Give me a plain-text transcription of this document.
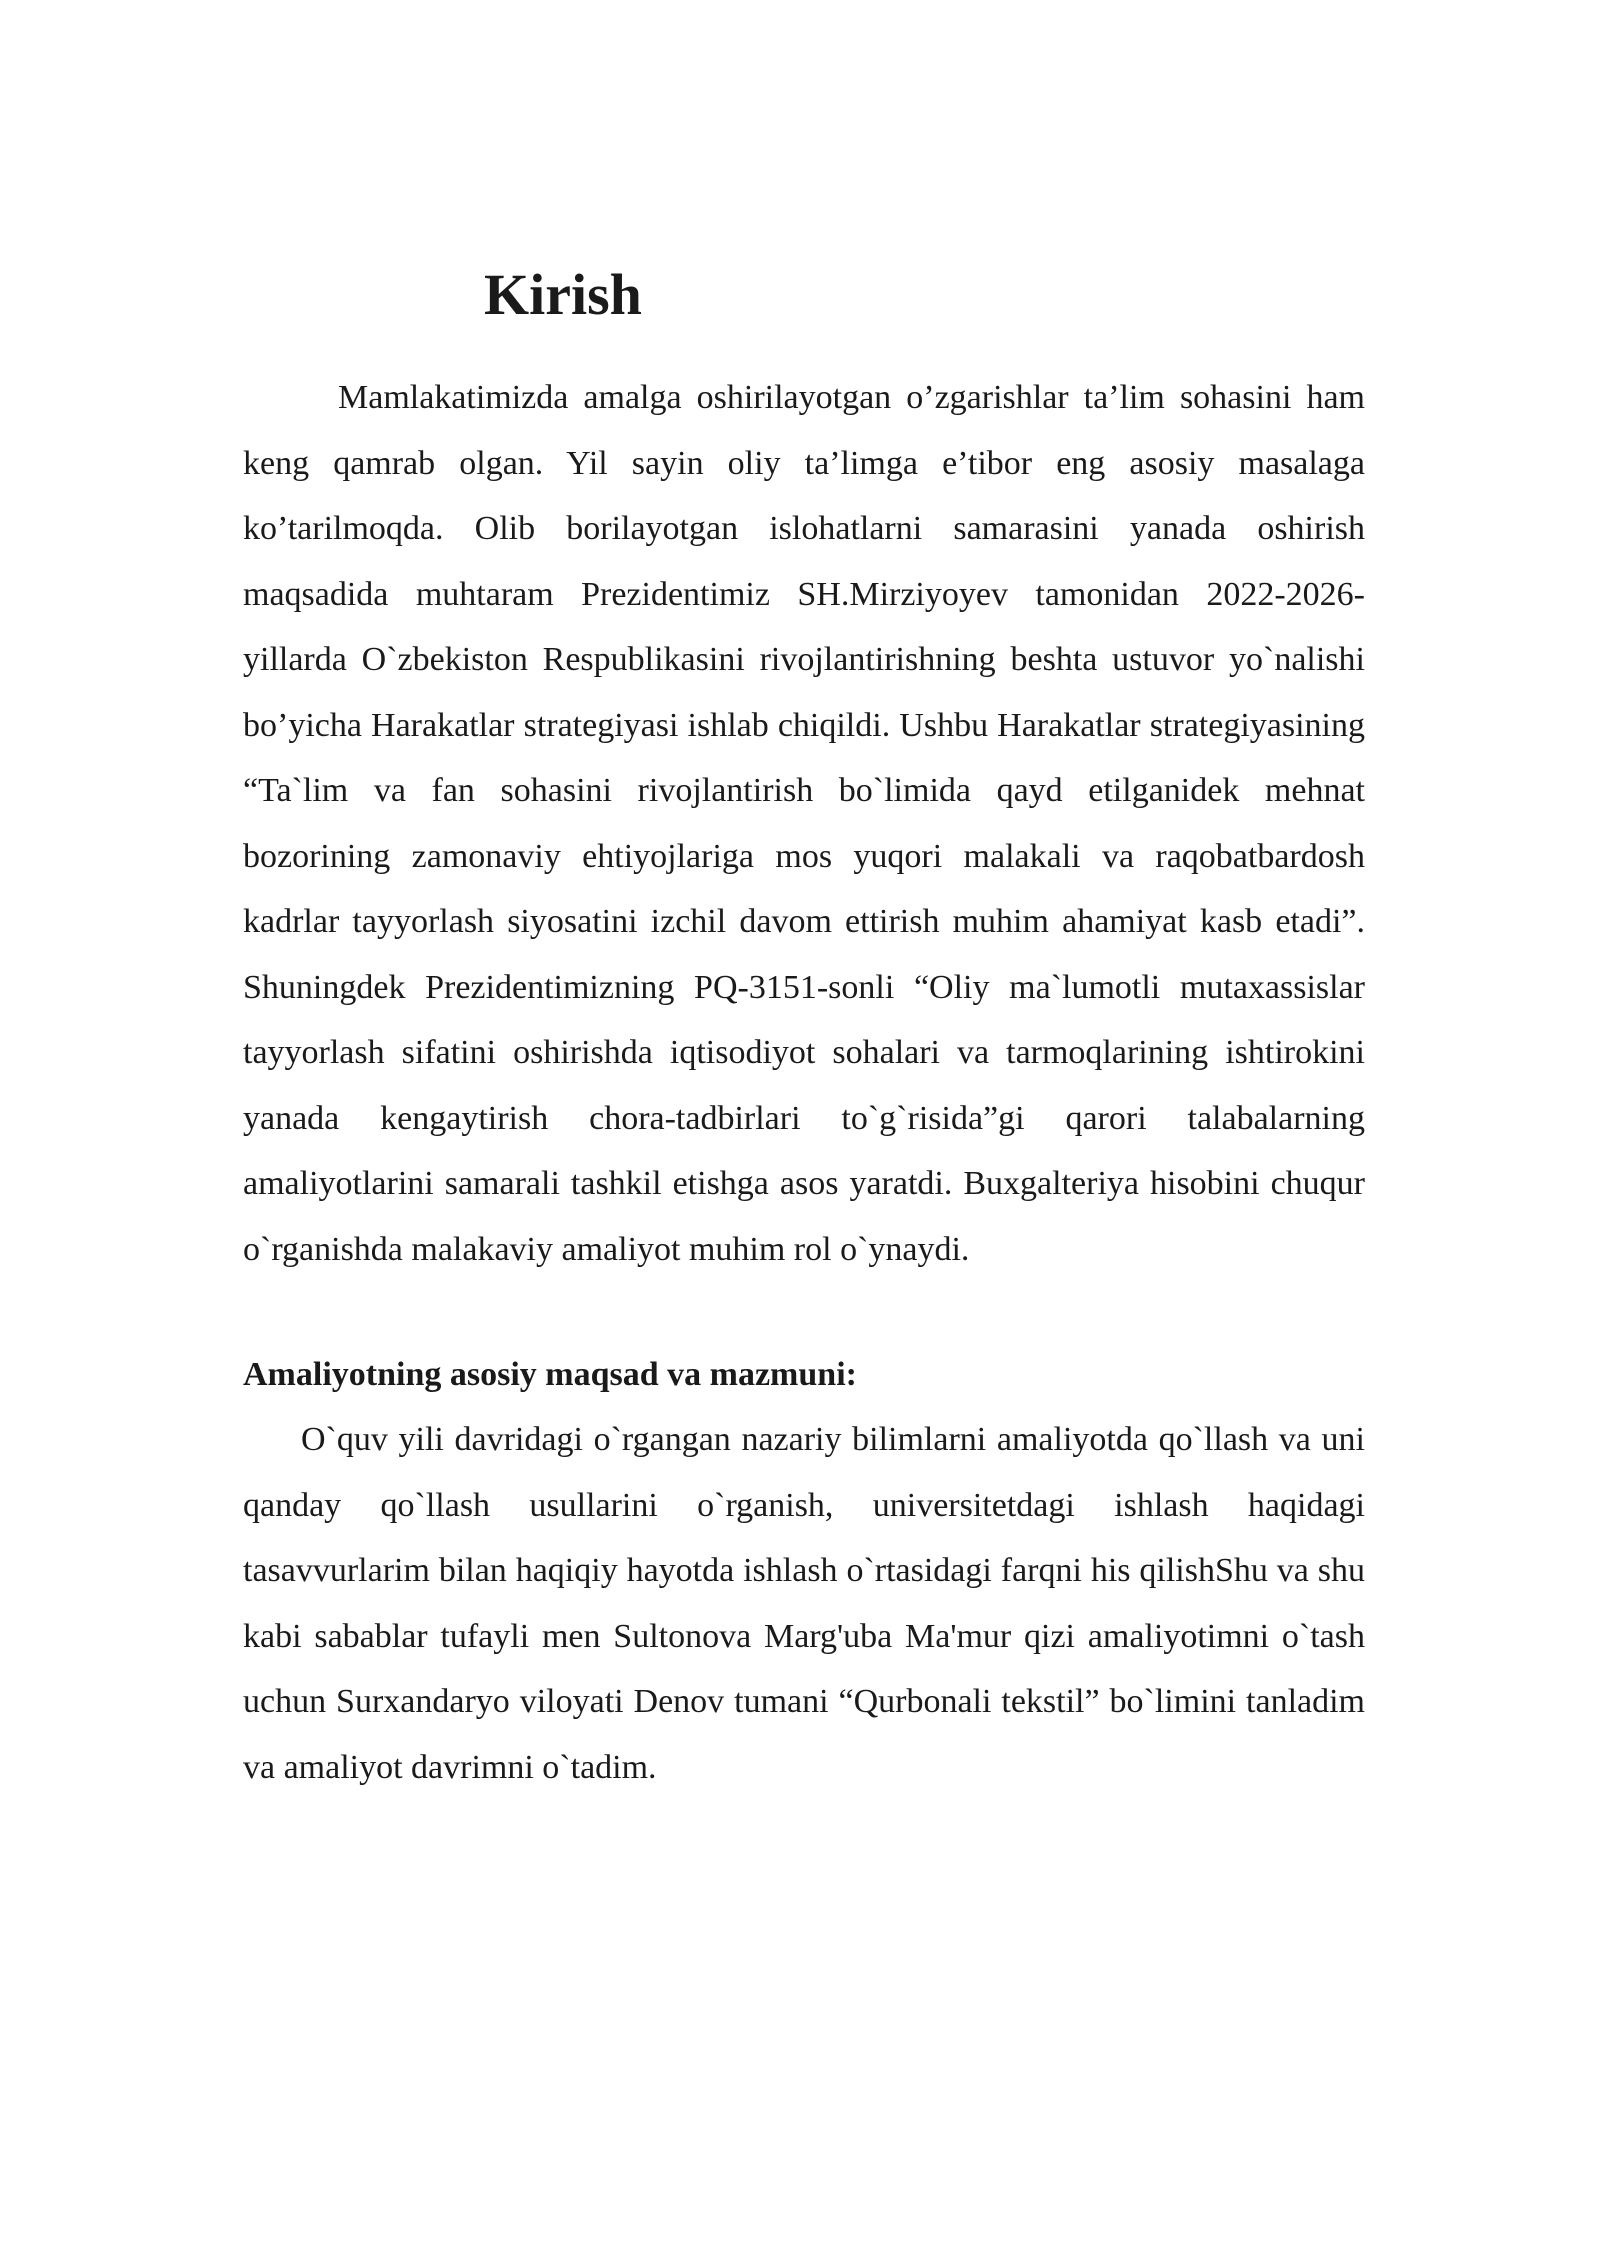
Kirish

Mamlakatimizda amalga oshirilayotgan o’zgarishlar ta’lim sohasini ham keng qamrab olgan. Yil sayin oliy ta’limga e’tibor eng asosiy masalaga ko’tarilmoqda. Olib borilayotgan islohatlarni samarasini yanada oshirish maqsadida muhtaram Prezidentimiz SH.Mirziyoyev tamonidan 2022-2026-yillarda O`zbekiston Respublikasini rivojlantirishning beshta ustuvor yo`nalishi bo’yicha Harakatlar strategiyasi ishlab chiqildi. Ushbu Harakatlar strategiyasining “Ta`lim va fan sohasini rivojlantirish bo`limida qayd etilganidek mehnat bozorining zamonaviy ehtiyojlariga mos yuqori malakali va raqobatbardosh kadrlar tayyorlash siyosatini izchil davom ettirish muhim ahamiyat kasb etadi”. Shuningdek Prezidentimizning PQ-3151-sonli “Oliy ma`lumotli mutaxassislar tayyorlash sifatini oshirishda iqtisodiyot sohalari va tarmoqlarining ishtirokini yanada kengaytirish chora-tadbirlari to`g`risida”gi qarori talabalarning amaliyotlarini samarali tashkil etishga asos yaratdi. Buxgalteriya hisobini chuqur o`rganishda malakaviy amaliyot muhim rol o`ynaydi.

Amaliyotning asosiy maqsad va mazmuni:

O`quv yili davridagi o`rgangan nazariy bilimlarni amaliyotda qo`llash va uni qanday qo`llash usullarini o`rganish, universitetdagi ishlash haqidagi tasavvurlarim bilan haqiqiy hayotda ishlash o`rtasidagi farqni his qilishShu va shu kabi sabablar tufayli men Sultonova Marg'uba Ma'mur qizi amaliyotimni o`tash uchun Surxandaryo viloyati Denov tumani “Qurbonali tekstil” bo`limini tanladim va amaliyot davrimni o`tadim.
